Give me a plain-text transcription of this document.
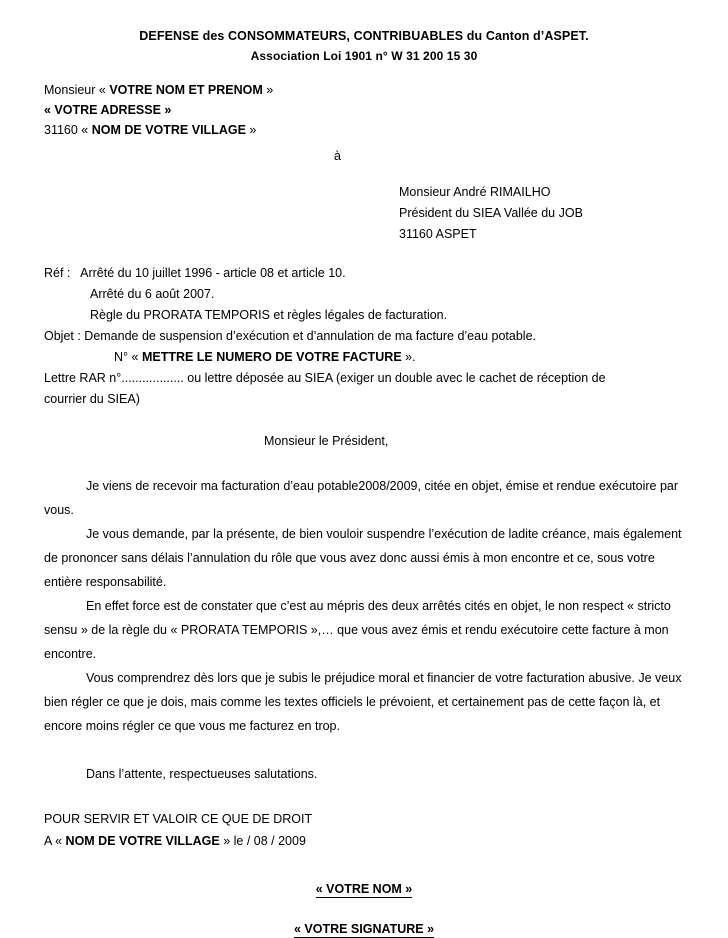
DEFENSE des CONSOMMATEURS, CONTRIBUABLES du Canton d’ASPET.
Association Loi 1901 n° W 31 200 15 30
Monsieur « VOTRE NOM ET PRENOM »
« VOTRE ADRESSE »
31160 « NOM DE VOTRE VILLAGE »
à
Monsieur André RIMAILHO
Président du SIEA Vallée du JOB
31160 ASPET
Réf : Arrêté du 10 juillet 1996 - article 08 et article 10.
Arrêté du 6 août 2007.
Règle du PRORATA TEMPORIS et règles légales de facturation.
Objet : Demande de suspension d’exécution et d’annulation de ma facture d’eau potable.
N° « METTRE LE NUMERO DE VOTRE FACTURE ».
Lettre RAR n°.................. ou lettre déposée au SIEA (exiger un double avec le cachet de réception de
courrier du SIEA)
Monsieur le Président,

Je viens de recevoir ma facturation d’eau potable2008/2009, citée en objet, émise et rendue exécutoire par vous.

Je vous demande, par la présente, de bien vouloir suspendre l’exécution de ladite créance, mais également de prononcer sans délais l’annulation du rôle que vous avez donc aussi émis à mon encontre et ce, sous votre entière responsabilité.

En effet force est de constater que c’est au mépris des deux arrêtés cités en objet, le non respect « stricto sensu » de la règle du « PRORATA TEMPORIS »,… que vous avez émis et rendu exécutoire cette facture à mon encontre.

Vous comprendrez dès lors que je subis le préjudice moral et financier de votre facturation abusive. Je veux bien régler ce que je dois, mais comme les textes officiels le prévoient, et certainement pas de cette façon là, et encore moins régler ce que vous me facturez en trop.

Dans l’attente, respectueuses salutations.
POUR SERVIR ET VALOIR CE QUE DE DROIT
A « NOM DE VOTRE VILLAGE » le / 08 / 2009
« VOTRE NOM »
« VOTRE SIGNATURE »
